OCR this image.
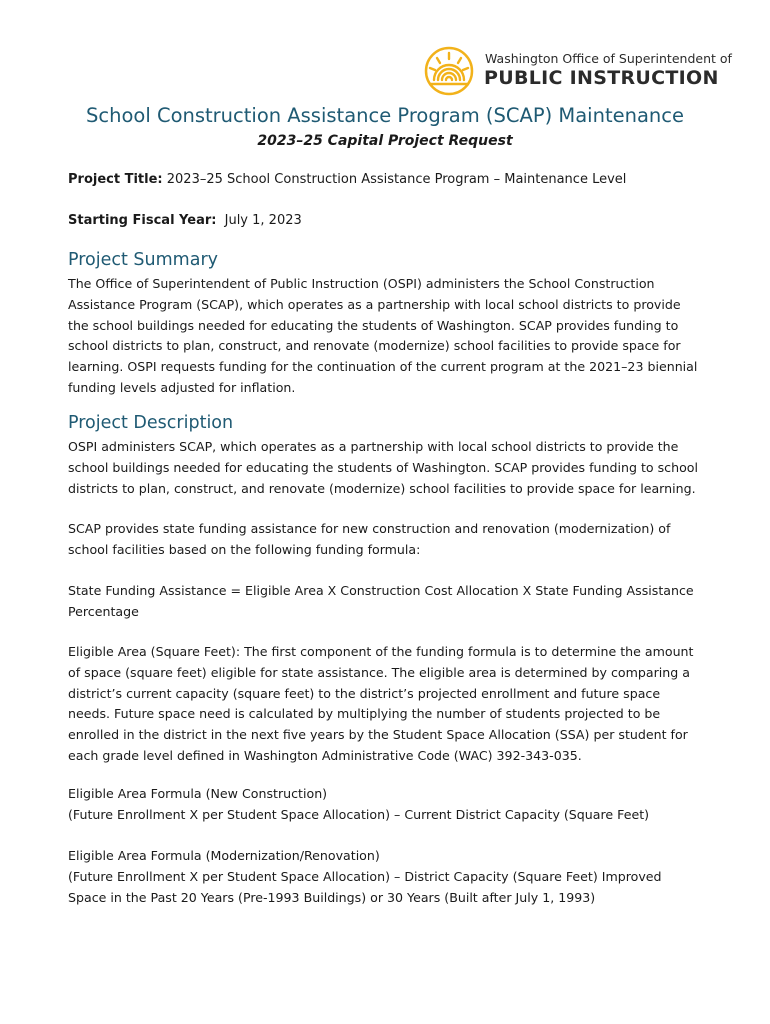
Washington Office of Superintendent of
PUBLIC INSTRUCTION
School Construction Assistance Program (SCAP) Maintenance
2023–25 Capital Project Request
Project Title: 2023–25 School Construction Assistance Program – Maintenance Level
Starting Fiscal Year: July 1, 2023
Project Summary
The Office of Superintendent of Public Instruction (OSPI) administers the School Construction Assistance Program (SCAP), which operates as a partnership with local school districts to provide the school buildings needed for educating the students of Washington. SCAP provides funding to school districts to plan, construct, and renovate (modernize) school facilities to provide space for learning. OSPI requests funding for the continuation of the current program at the 2021–23 biennial funding levels adjusted for inflation.
Project Description
OSPI administers SCAP, which operates as a partnership with local school districts to provide the school buildings needed for educating the students of Washington. SCAP provides funding to school districts to plan, construct, and renovate (modernize) school facilities to provide space for learning.
SCAP provides state funding assistance for new construction and renovation (modernization) of school facilities based on the following funding formula:
State Funding Assistance = Eligible Area X Construction Cost Allocation X State Funding Assistance Percentage
Eligible Area (Square Feet): The first component of the funding formula is to determine the amount of space (square feet) eligible for state assistance. The eligible area is determined by comparing a district’s current capacity (square feet) to the district’s projected enrollment and future space needs. Future space need is calculated by multiplying the number of students projected to be enrolled in the district in the next five years by the Student Space Allocation (SSA) per student for each grade level defined in Washington Administrative Code (WAC) 392-343-035.
Eligible Area Formula (New Construction)
(Future Enrollment X per Student Space Allocation) – Current District Capacity (Square Feet)
Eligible Area Formula (Modernization/Renovation)
(Future Enrollment X per Student Space Allocation) – District Capacity (Square Feet) Improved Space in the Past 20 Years (Pre-1993 Buildings) or 30 Years (Built after July 1, 1993)
